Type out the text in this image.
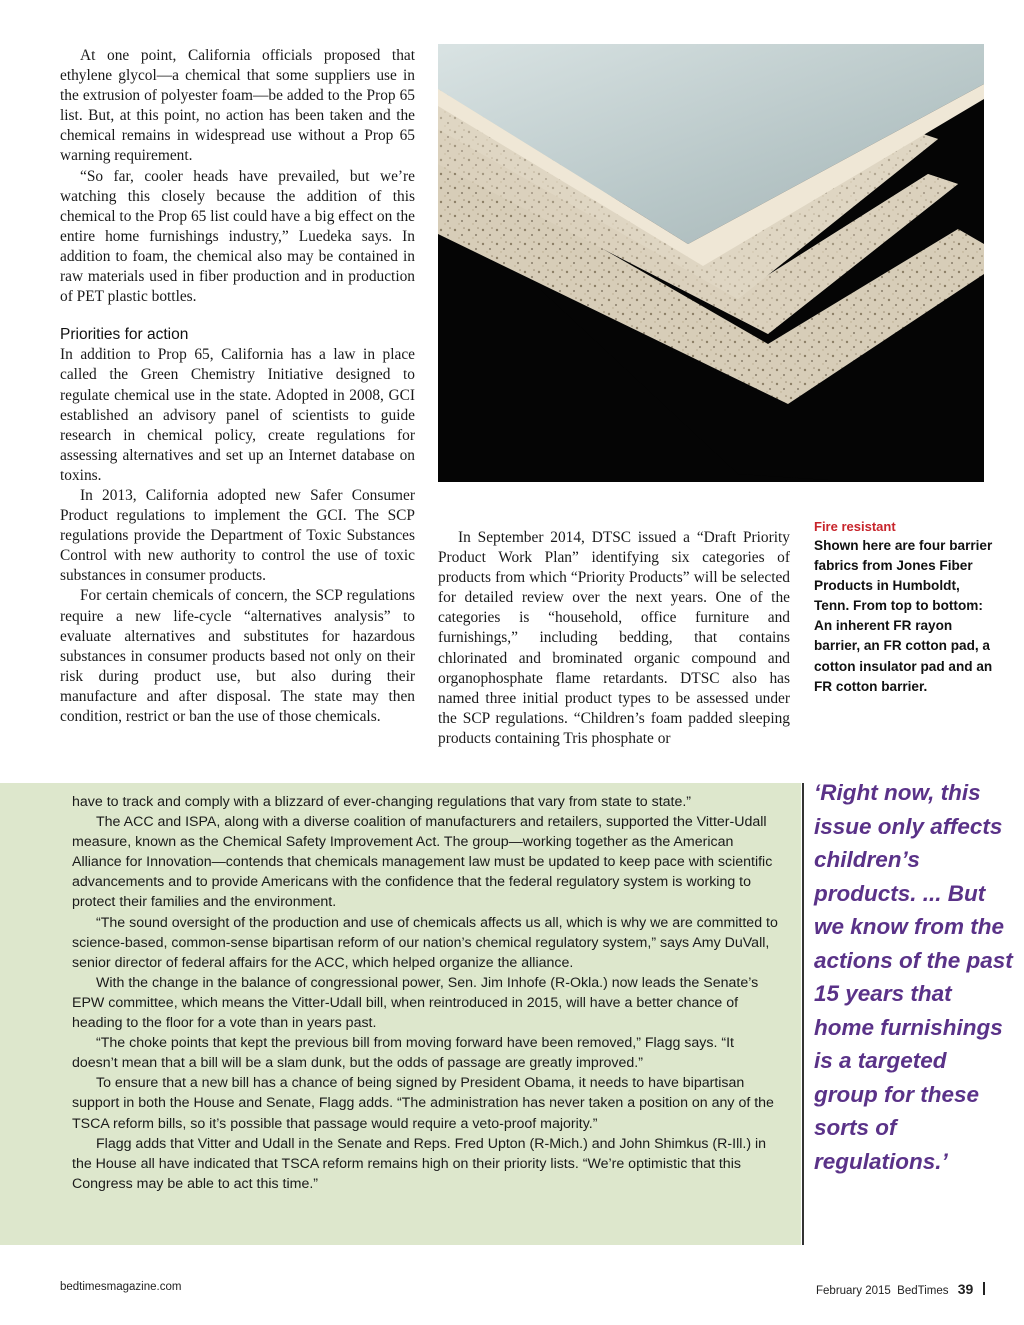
At one point, California officials proposed that ethylene glycol—a chemical that some suppliers use in the extrusion of polyester foam—be added to the Prop 65 list. But, at this point, no action has been taken and the chemical remains in widespread use without a Prop 65 warning requirement.

“So far, cooler heads have prevailed, but we’re watching this closely because the addition of this chemical to the Prop 65 list could have a big effect on the entire home furnishings industry,” Luedeka says. In addition to foam, the chemical also may be contained in raw materials used in fiber production and in production of PET plastic bottles.

Priorities for action

In addition to Prop 65, California has a law in place called the Green Chemistry Initiative designed to regulate chemical use in the state. Adopted in 2008, GCI established an advisory panel of scientists to guide research in chemical policy, create regulations for assessing alternatives and set up an Internet database on toxins.

In 2013, California adopted new Safer Consumer Product regulations to implement the GCI. The SCP regulations provide the Department of Toxic Substances Control with new authority to control the use of toxic substances in consumer products.

For certain chemicals of concern, the SCP regulations require a new life-cycle “alternatives analysis” to evaluate alternatives and substitutes for hazardous substances in consumer products based not only on their risk during product use, but also during their manufacture and after disposal. The state may then condition, restrict or ban the use of those chemicals.

In September 2014, DTSC issued a “Draft Priority Product Work Plan” identifying six categories of products from which “Priority Products” will be selected for detailed review over the next years. One of the categories is “household, office furniture and furnishings,” including bedding, that contains chlorinated and brominated organic compound and organophosphate flame retardants. DTSC also has named three initial product types to be assessed under the SCP regulations. “Children’s foam padded sleeping products containing Tris phosphate or

Fire resistant
Shown here are four barrier fabrics from Jones Fiber Products in Humboldt, Tenn. From top to bottom: An inherent FR rayon barrier, an FR cotton pad, a cotton insulator pad and an FR cotton barrier.

have to track and comply with a blizzard of ever-changing regulations that vary from state to state.”

The ACC and ISPA, along with a diverse coalition of manufacturers and retailers, supported the Vitter-Udall measure, known as the Chemical Safety Improvement Act. The group—working together as the American Alliance for Innovation—contends that chemicals management law must be updated to keep pace with scientific advancements and to provide Americans with the confidence that the federal regulatory system is working to protect their families and the environment.

“The sound oversight of the production and use of chemicals affects us all, which is why we are committed to science-based, common-sense bipartisan reform of our nation’s chemical regulatory system,” says Amy DuVall, senior director of federal affairs for the ACC, which helped organize the alliance.

With the change in the balance of congressional power, Sen. Jim Inhofe (R-Okla.) now leads the Senate’s EPW committee, which means the Vitter-Udall bill, when reintroduced in 2015, will have a better chance of heading to the floor for a vote than in years past.

“The choke points that kept the previous bill from moving forward have been removed,” Flagg says. “It doesn’t mean that a bill will be a slam dunk, but the odds of passage are greatly improved.”

To ensure that a new bill has a chance of being signed by President Obama, it needs to have bipartisan support in both the House and Senate, Flagg adds. “The administration has never taken a position on any of the TSCA reform bills, so it’s possible that passage would require a veto-proof majority.”

Flagg adds that Vitter and Udall in the Senate and Reps. Fred Upton (R-Mich.) and John Shimkus (R-Ill.) in the House all have indicated that TSCA reform remains high on their priority lists. “We’re optimistic that this Congress may be able to act this time.”

‘Right now, this issue only affects children’s products. ... But we know from the actions of the past 15 years that home furnishings is a targeted group for these sorts of regulations.’
bedtimesmagazine.com	February 2015  BedTimes 39
